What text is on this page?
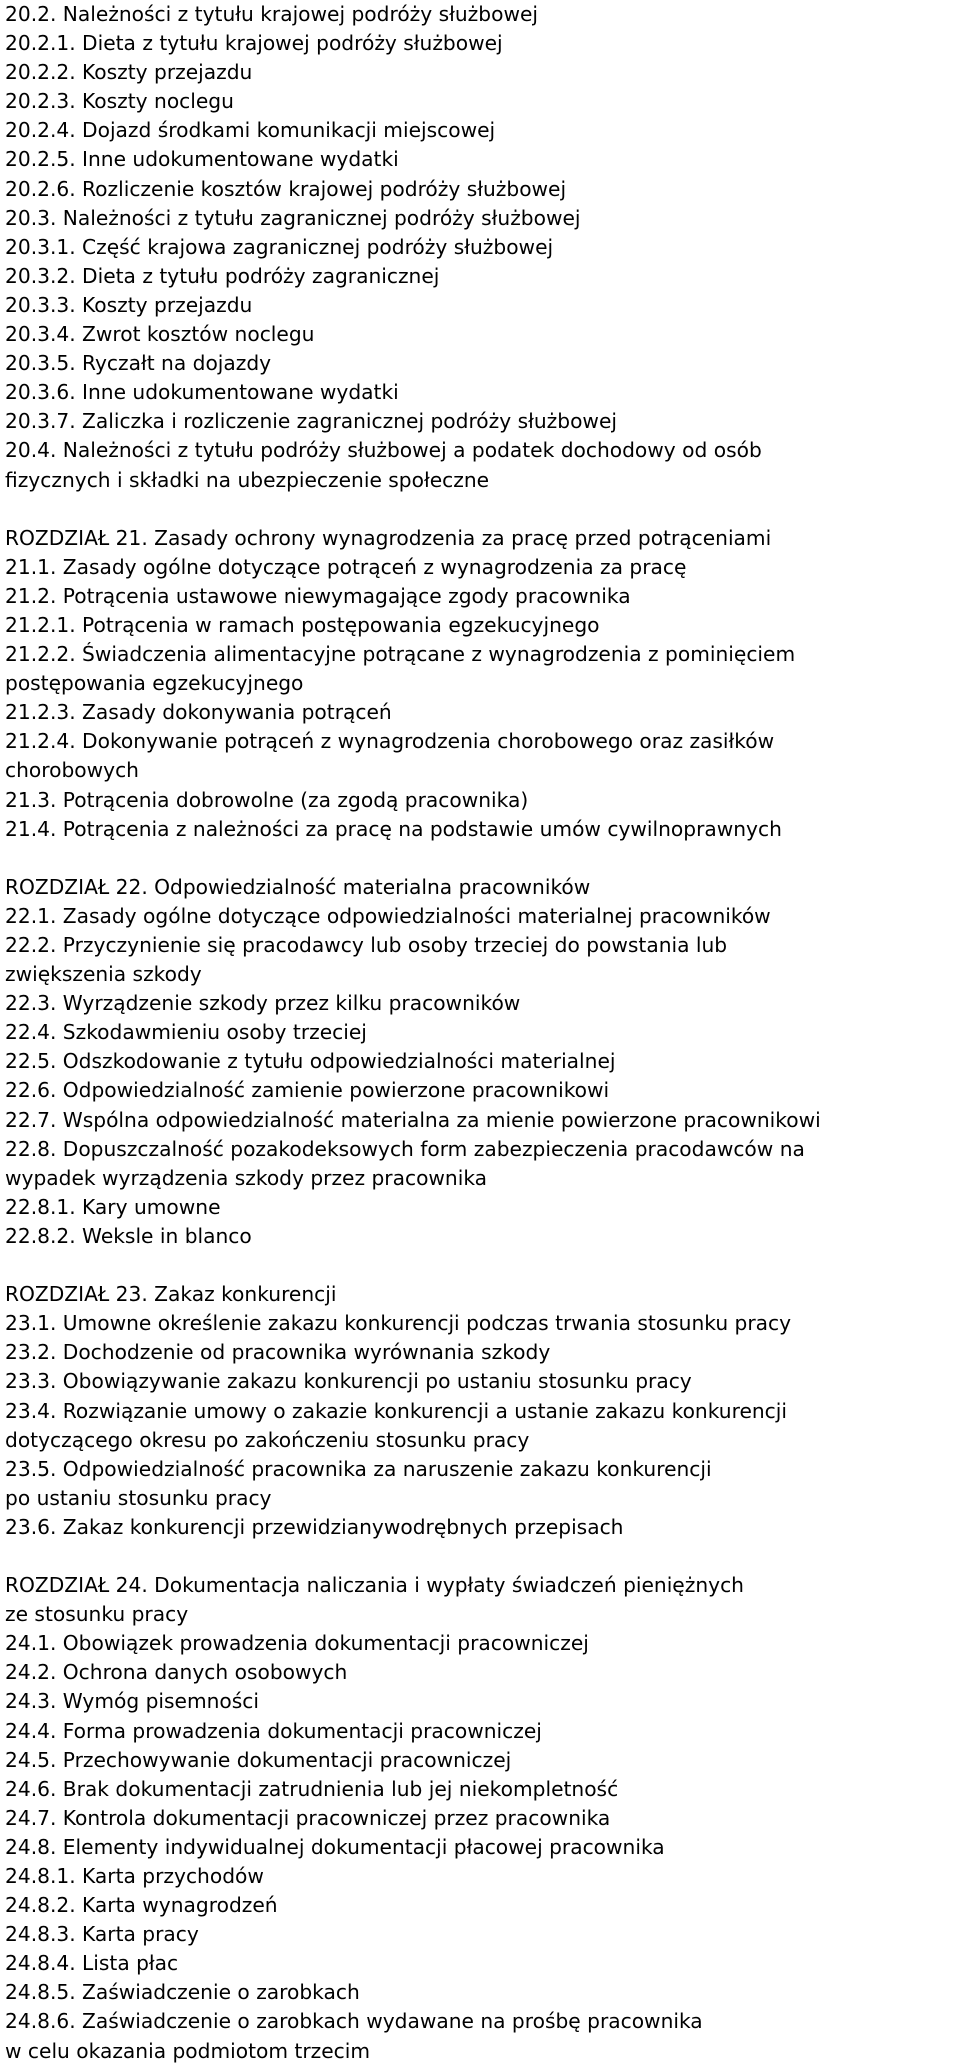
20.2. Należności z tytułu krajowej podróży służbowej
20.2.1. Dieta z tytułu krajowej podróży służbowej
20.2.2. Koszty przejazdu
20.2.3. Koszty noclegu
20.2.4. Dojazd środkami komunikacji miejscowej
20.2.5. Inne udokumentowane wydatki
20.2.6. Rozliczenie kosztów krajowej podróży służbowej
20.3. Należności z tytułu zagranicznej podróży służbowej
20.3.1. Część krajowa zagranicznej podróży służbowej
20.3.2. Dieta z tytułu podróży zagranicznej
20.3.3. Koszty przejazdu
20.3.4. Zwrot kosztów noclegu
20.3.5. Ryczałt na dojazdy
20.3.6. Inne udokumentowane wydatki
20.3.7. Zaliczka i rozliczenie zagranicznej podróży służbowej
20.4. Należności z tytułu podróży służbowej a podatek dochodowy od osób
fizycznych i składki na ubezpieczenie społeczne
ROZDZIAŁ 21. Zasady ochrony wynagrodzenia za pracę przed potrąceniami
21.1. Zasady ogólne dotyczące potrąceń z wynagrodzenia za pracę
21.2. Potrącenia ustawowe niewymagające zgody pracownika
21.2.1. Potrącenia w ramach postępowania egzekucyjnego
21.2.2. Świadczenia alimentacyjne potrącane z wynagrodzenia z pominięciem
postępowania egzekucyjnego
21.2.3. Zasady dokonywania potrąceń
21.2.4. Dokonywanie potrąceń z wynagrodzenia chorobowego oraz zasiłków
chorobowych
21.3. Potrącenia dobrowolne (za zgodą pracownika)
21.4. Potrącenia z należności za pracę na podstawie umów cywilnoprawnych
ROZDZIAŁ 22. Odpowiedzialność materialna pracowników
22.1. Zasady ogólne dotyczące odpowiedzialności materialnej pracowników
22.2. Przyczynienie się pracodawcy lub osoby trzeciej do powstania lub
zwiększenia szkody
22.3. Wyrządzenie szkody przez kilku pracowników
22.4. Szkodawmieniu osoby trzeciej
22.5. Odszkodowanie z tytułu odpowiedzialności materialnej
22.6. Odpowiedzialność zamienie powierzone pracownikowi
22.7. Wspólna odpowiedzialność materialna za mienie powierzone pracownikowi
22.8. Dopuszczalność pozakodeksowych form zabezpieczenia pracodawców na
wypadek wyrządzenia szkody przez pracownika
22.8.1. Kary umowne
22.8.2. Weksle in blanco
ROZDZIAŁ 23. Zakaz konkurencji
23.1. Umowne określenie zakazu konkurencji podczas trwania stosunku pracy
23.2. Dochodzenie od pracownika wyrównania szkody
23.3. Obowiązywanie zakazu konkurencji po ustaniu stosunku pracy
23.4. Rozwiązanie umowy o zakazie konkurencji a ustanie zakazu konkurencji
dotyczącego okresu po zakończeniu stosunku pracy
23.5. Odpowiedzialność pracownika za naruszenie zakazu konkurencji
po ustaniu stosunku pracy
23.6. Zakaz konkurencji przewidzianywodrębnych przepisach
ROZDZIAŁ 24. Dokumentacja naliczania i wypłaty świadczeń pieniężnych
ze stosunku pracy
24.1. Obowiązek prowadzenia dokumentacji pracowniczej
24.2. Ochrona danych osobowych
24.3. Wymóg pisemności
24.4. Forma prowadzenia dokumentacji pracowniczej
24.5. Przechowywanie dokumentacji pracowniczej
24.6. Brak dokumentacji zatrudnienia lub jej niekompletność
24.7. Kontrola dokumentacji pracowniczej przez pracownika
24.8. Elementy indywidualnej dokumentacji płacowej pracownika
24.8.1. Karta przychodów
24.8.2. Karta wynagrodzeń
24.8.3. Karta pracy
24.8.4. Lista płac
24.8.5. Zaświadczenie o zarobkach
24.8.6. Zaświadczenie o zarobkach wydawane na prośbę pracownika
w celu okazania podmiotom trzecim
